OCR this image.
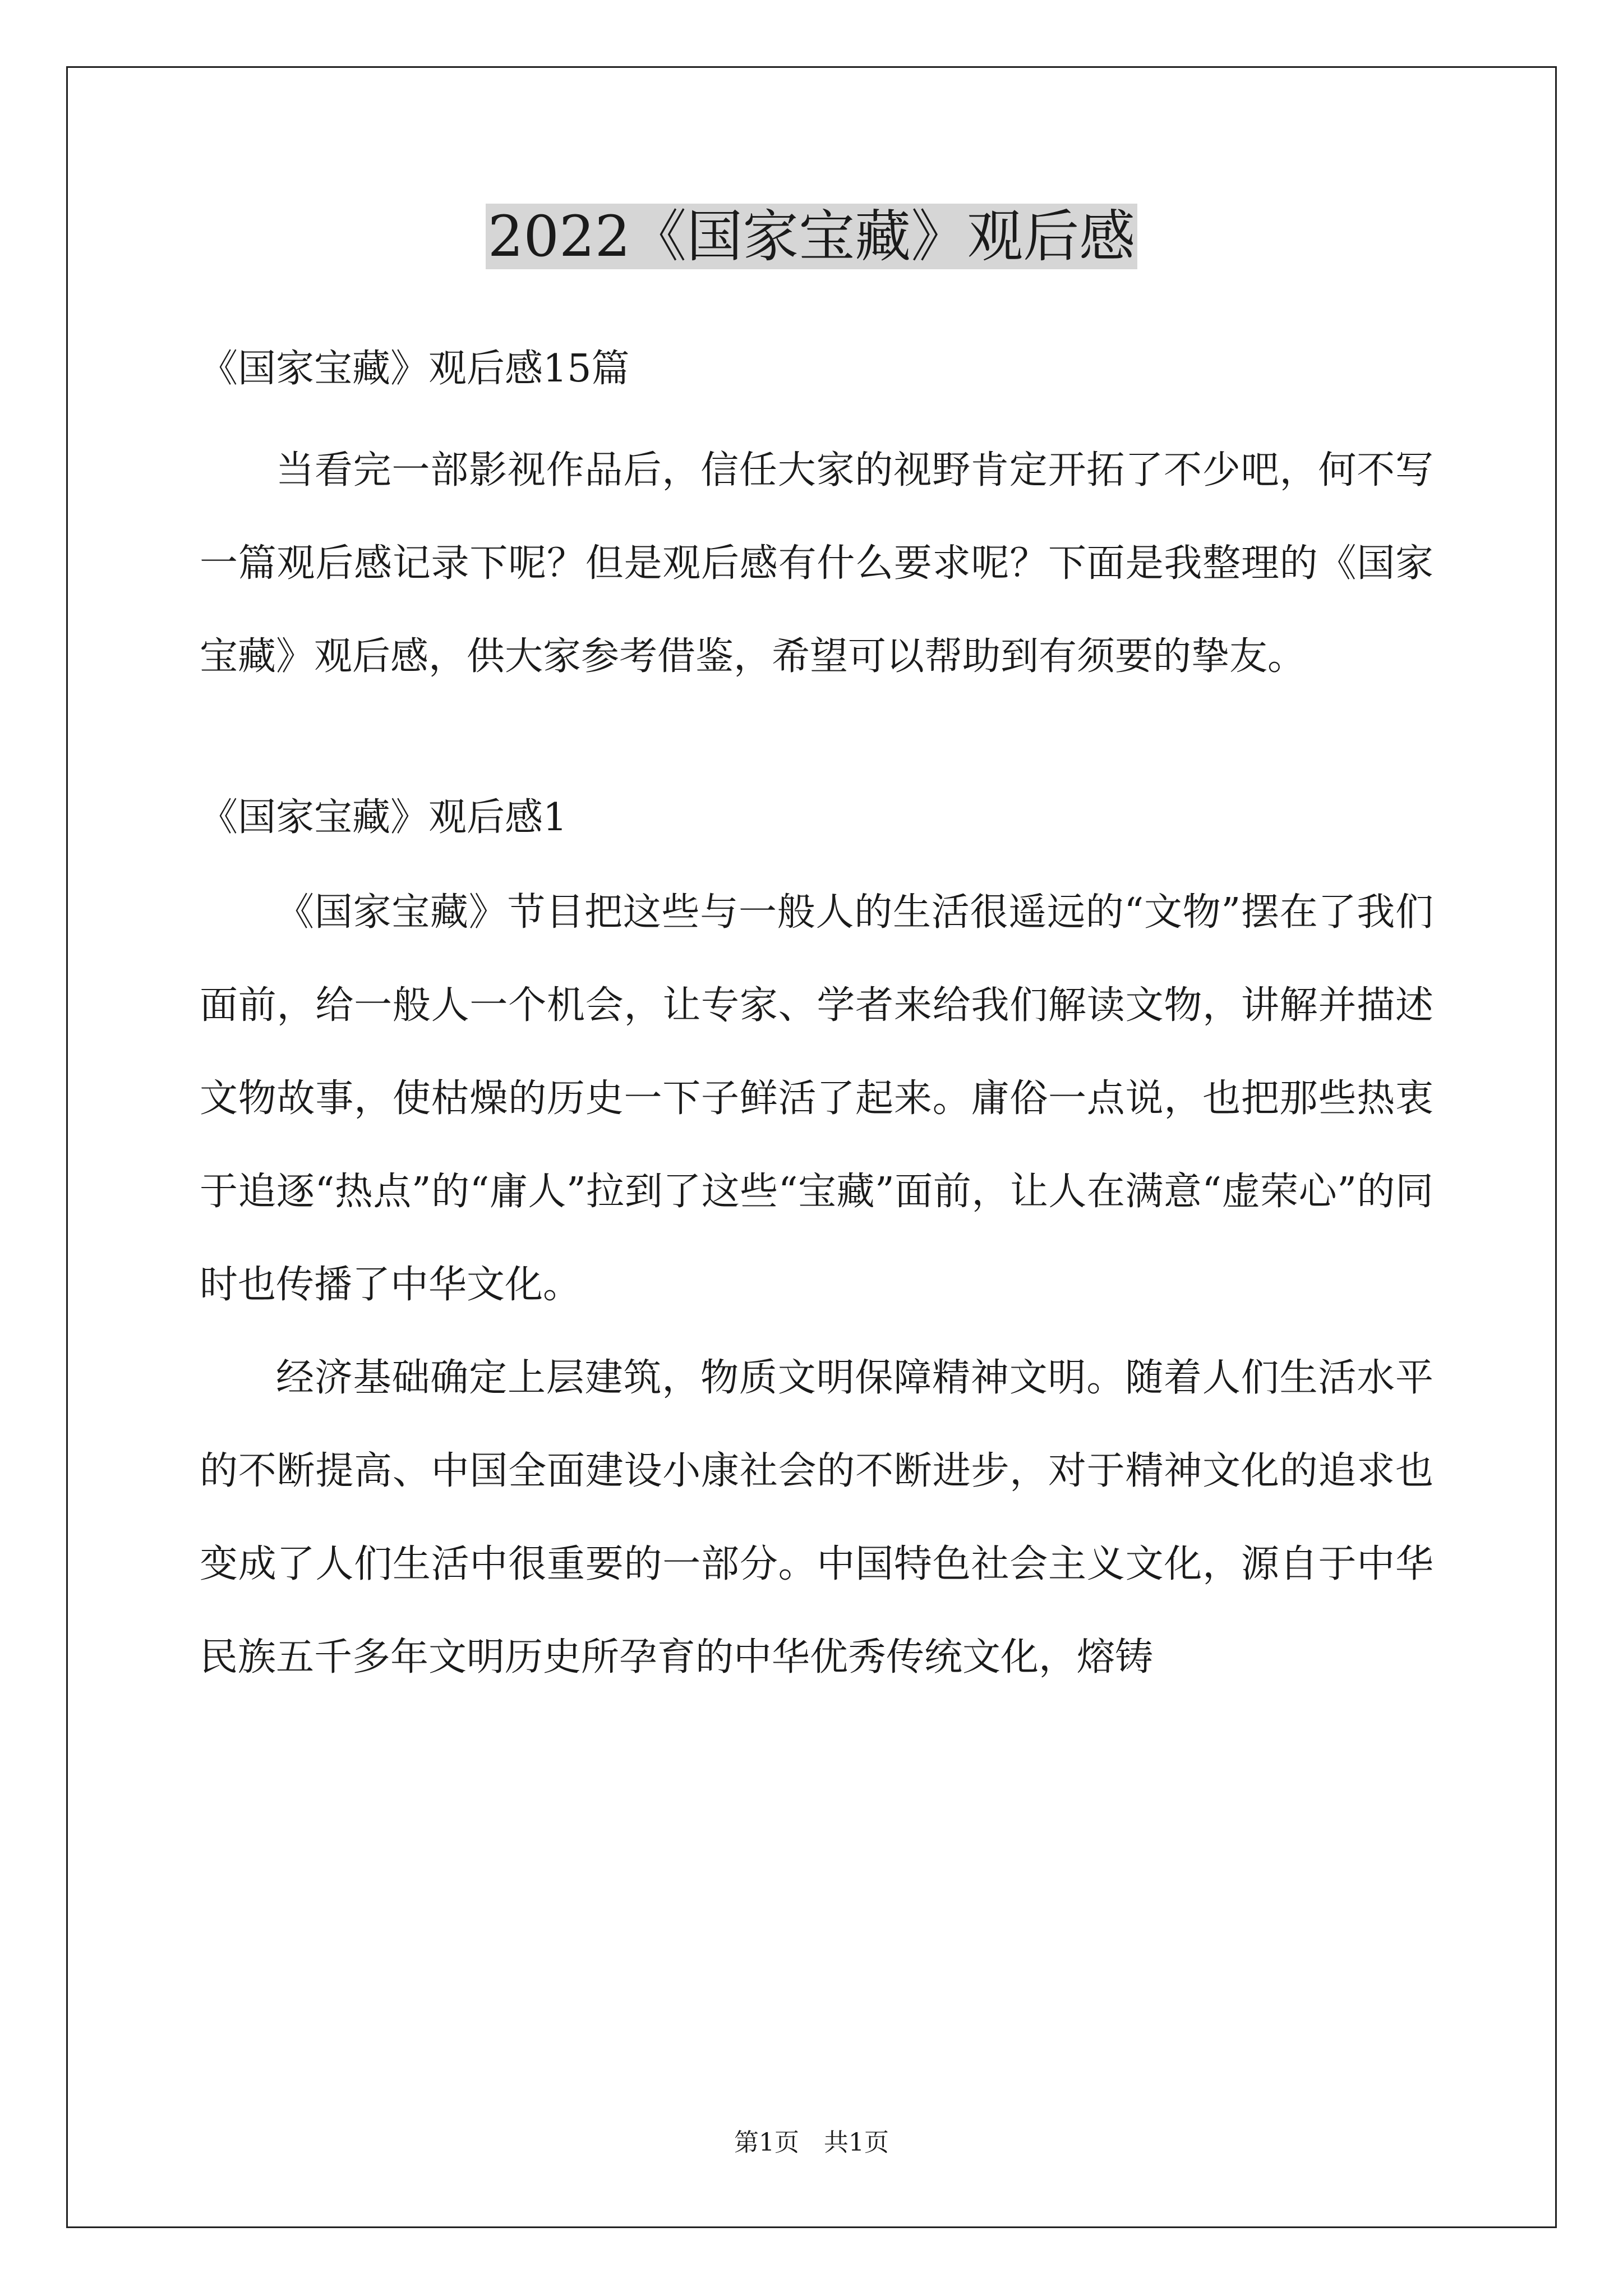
2022《国家宝藏》观后感

《国家宝藏》观后感15篇

当看完一部影视作品后，信任大家的视野肯定开拓了不少吧，何不写一篇观后感记录下呢？但是观后感有什么要求呢？下面是我整理的《国家宝藏》观后感，供大家参考借鉴，希望可以帮助到有须要的挚友。

《国家宝藏》观后感1

《国家宝藏》节目把这些与一般人的生活很遥远的“文物”摆在了我们面前，给一般人一个机会，让专家、学者来给我们解读文物，讲解并描述文物故事，使枯燥的历史一下子鲜活了起来。庸俗一点说，也把那些热衷于追逐“热点”的“庸人”拉到了这些“宝藏”面前，让人在满意“虚荣心”的同时也传播了中华文化。

经济基础确定上层建筑，物质文明保障精神文明。随着人们生活水平的不断提高、中国全面建设小康社会的不断进步，对于精神文化的追求也变成了人们生活中很重要的一部分。中国特色社会主义文化，源自于中华民族五千多年文明历史所孕育的中华优秀传统文化，熔铸

第1页　共1页
